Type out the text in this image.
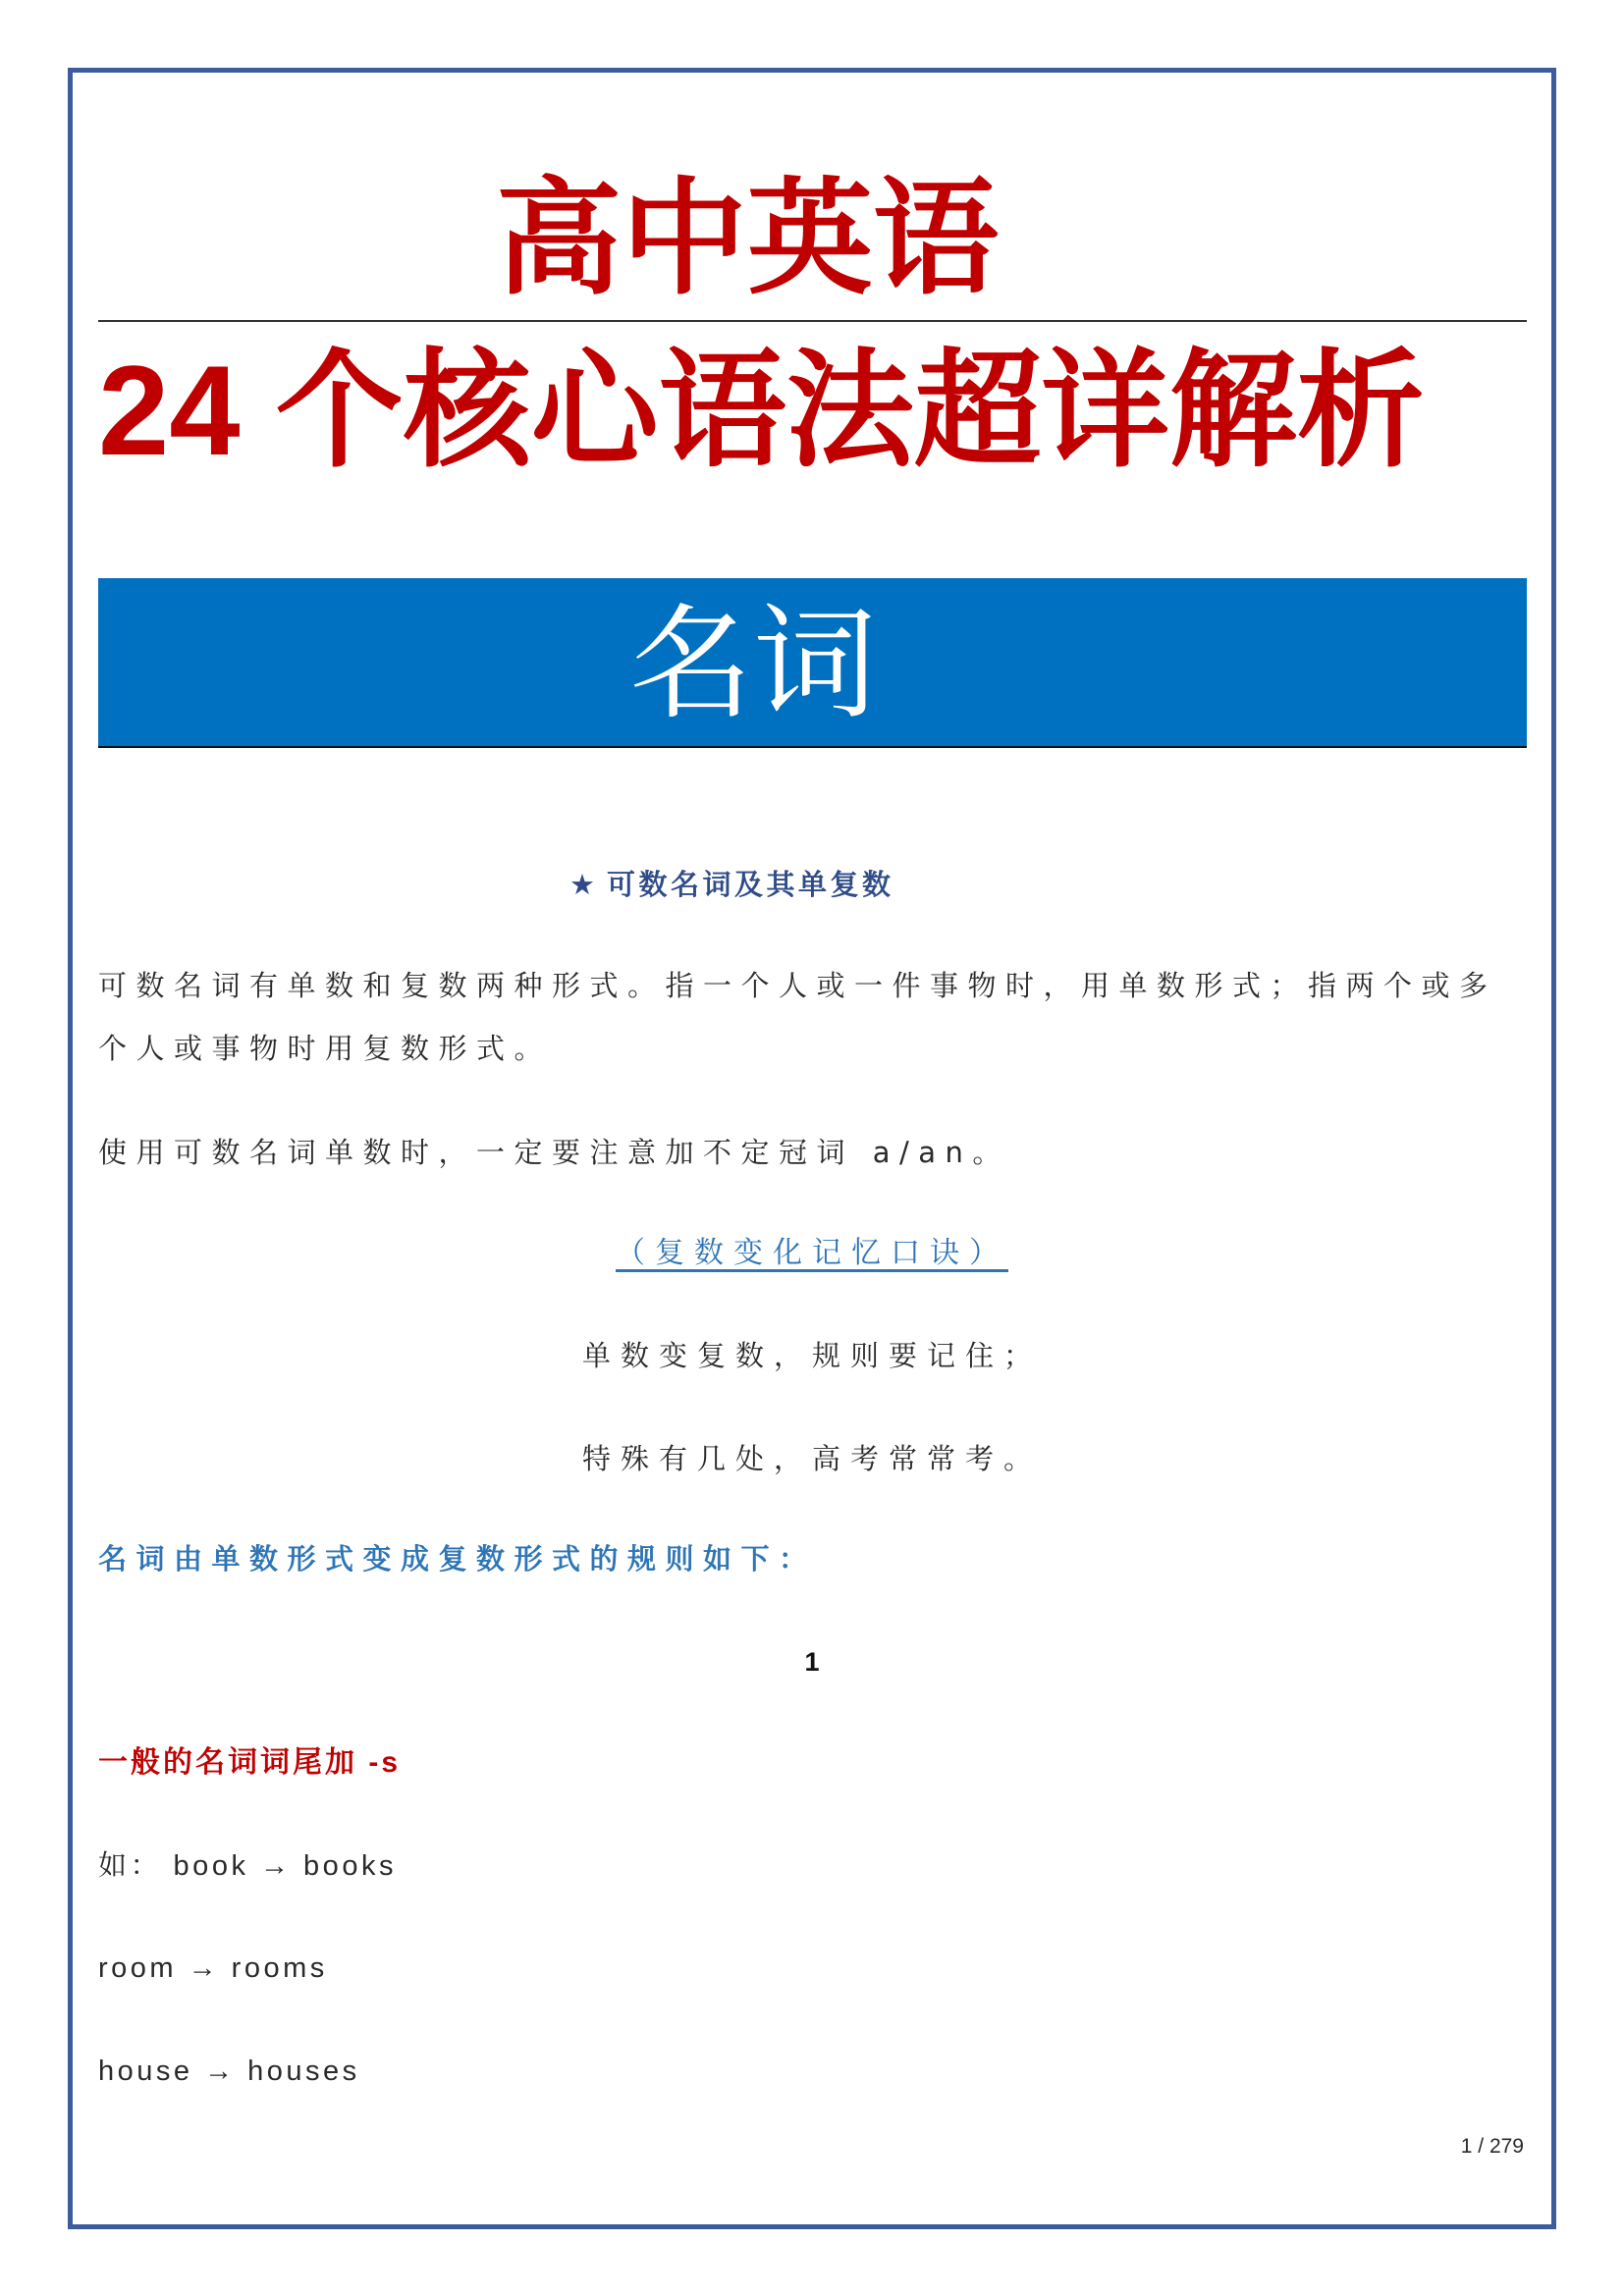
高中英语
24 个核心语法超详解析
名词
★ 可数名词及其单复数
可数名词有单数和复数两种形式。指一个人或一件事物时，用单数形式；指两个或多
个人或事物时用复数形式。
使用可数名词单数时，一定要注意加不定冠词 a/an。
（复数变化记忆口诀）
单数变复数，规则要记住；
特殊有几处，高考常常考。
名词由单数形式变成复数形式的规则如下：
1
一般的名词词尾加 -s
如： book → books
room → rooms
house → houses
1 / 279
